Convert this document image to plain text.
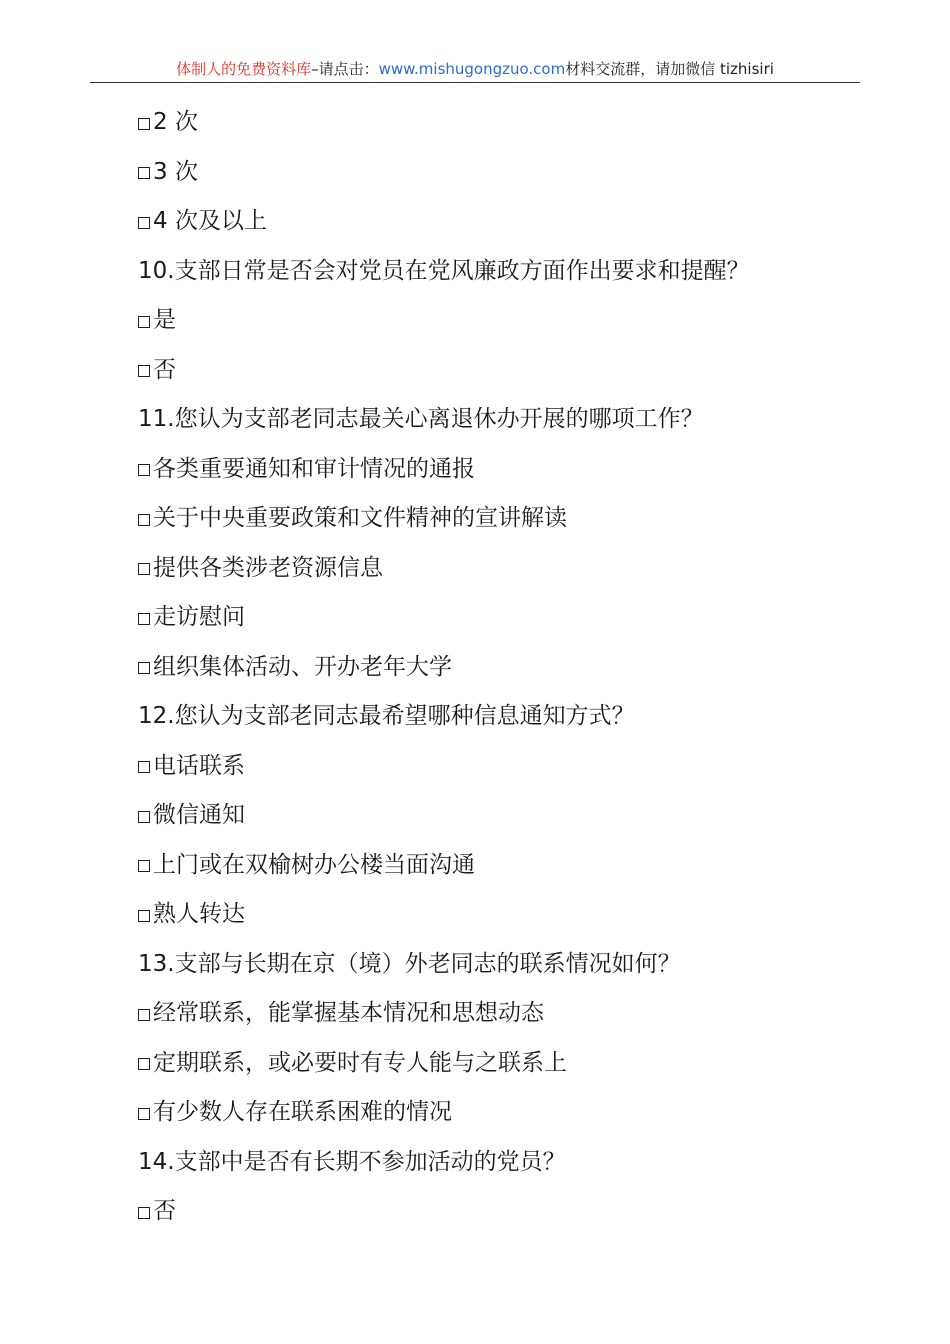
体制人的免费资料库–请点击：www.mishugongzuo.com材料交流群，请加微信 tizhisiri
2 次
3 次
4 次及以上
10.支部日常是否会对党员在党风廉政方面作出要求和提醒？
是
否
11.您认为支部老同志最关心离退休办开展的哪项工作？
各类重要通知和审计情况的通报
关于中央重要政策和文件精神的宣讲解读
提供各类涉老资源信息
走访慰问
组织集体活动、开办老年大学
12.您认为支部老同志最希望哪种信息通知方式？
电话联系
微信通知
上门或在双榆树办公楼当面沟通
熟人转达
13.支部与长期在京（境）外老同志的联系情况如何？
经常联系，能掌握基本情况和思想动态
定期联系，或必要时有专人能与之联系上
有少数人存在联系困难的情况
14.支部中是否有长期不参加活动的党员？
否
